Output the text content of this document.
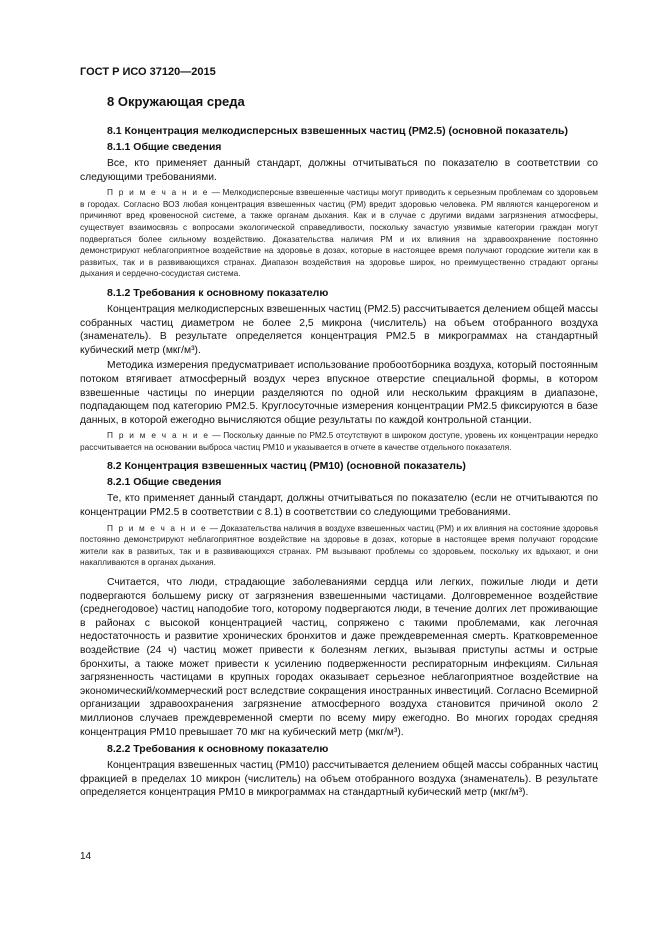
ГОСТ Р ИСО 37120—2015
8 Окружающая среда
8.1 Концентрация мелкодисперсных взвешенных частиц (РМ2.5) (основной показатель)
8.1.1 Общие сведения

Все, кто применяет данный стандарт, должны отчитываться по показателю в соответствии со следующими требованиями.

П р и м е ч а н и е — Мелкодисперсные взвешенные частицы могут приводить к серьезным проблемам со здоровьем в городах. Согласно ВОЗ любая концентрация взвешенных частиц (РМ) вредит здоровью человека. РМ являются канцерогеном и причиняют вред кровеносной системе, а также органам дыхания. Как и в случае с другими видами загрязнения атмосферы, существует взаимосвязь с вопросами экологической справедливости, поскольку зачастую уязвимые категории граждан могут подвергаться более сильному воздействию. Доказательства наличия РМ и их влияния на здравоохранение постоянно демонстрируют неблагоприятное воздействие на здоровье в дозах, которые в настоящее время получают городские жители как в развитых, так и в развивающихся странах. Диапазон воздействия на здоровье широк, но преимущественно страдают органы дыхания и сердечно-сосудистая система.

8.1.2 Требования к основному показателю

Концентрация мелкодисперсных взвешенных частиц (РМ2.5) рассчитывается делением общей массы собранных частиц диаметром не более 2,5 микрона (числитель) на объем отобранного воздуха (знаменатель). В результате определяется концентрация РМ2.5 в микрограммах на стандартный кубический метр (мкг/м³).

Методика измерения предусматривает использование пробоотборника воздуха, который постоянным потоком втягивает атмосферный воздух через впускное отверстие специальной формы, в котором взвешенные частицы по инерции разделяются по одной или нескольким фракциям в диапазоне, подпадающем под категорию РМ2.5. Круглосуточные измерения концентрации РМ2.5 фиксируются в базе данных, в которой ежегодно вычисляются общие результаты по каждой контрольной станции.

П р и м е ч а н и е — Поскольку данные по РМ2.5 отсутствуют в широком доступе, уровень их концентрации нередко рассчитывается на основании выброса частиц РМ10 и указывается в отчете в качестве отдельного показателя.

8.2 Концентрация взвешенных частиц (РМ10) (основной показатель)
8.2.1 Общие сведения

Те, кто применяет данный стандарт, должны отчитываться по показателю (если не отчитываются по концентрации РМ2.5 в соответствии с 8.1) в соответствии со следующими требованиями.

П р и м е ч а н и е — Доказательства наличия в воздухе взвешенных частиц (РМ) и их влияния на состояние здоровья постоянно демонстрируют неблагоприятное воздействие на здоровье в дозах, которые в настоящее время получают городские жители как в развитых, так и в развивающихся странах. РМ вызывают проблемы со здоровьем, поскольку их вдыхают, и они накапливаются в органах дыхания.

Считается, что люди, страдающие заболеваниями сердца или легких, пожилые люди и дети подвергаются большему риску от загрязнения взвешенными частицами. Долговременное воздействие (среднегодовое) частиц наподобие того, которому подвергаются люди, в течение долгих лет проживающие в районах с высокой концентрацией частиц, сопряжено с такими проблемами, как легочная недостаточность и развитие хронических бронхитов и даже преждевременная смерть. Кратковременное воздействие (24 ч) частиц может привести к болезням легких, вызывая приступы астмы и острые бронхиты, а также может привести к усилению подверженности респираторным инфекциям. Сильная загрязненность частицами в крупных городах оказывает серьезное неблагоприятное воздействие на экономический/коммерческий рост вследствие сокращения иностранных инвестиций. Согласно Всемирной организации здравоохранения загрязнение атмосферного воздуха становится причиной около 2 миллионов случаев преждевременной смерти по всему миру ежегодно. Во многих городах средняя концентрация РМ10 превышает 70 мкг на кубический метр (мкг/м³).

8.2.2 Требования к основному показателю

Концентрация взвешенных частиц (РМ10) рассчитывается делением общей массы собранных частиц фракцией в пределах 10 микрон (числитель) на объем отобранного воздуха (знаменатель). В результате определяется концентрация РМ10 в микрограммах на стандартный кубический метр (мкг/м³).

14
